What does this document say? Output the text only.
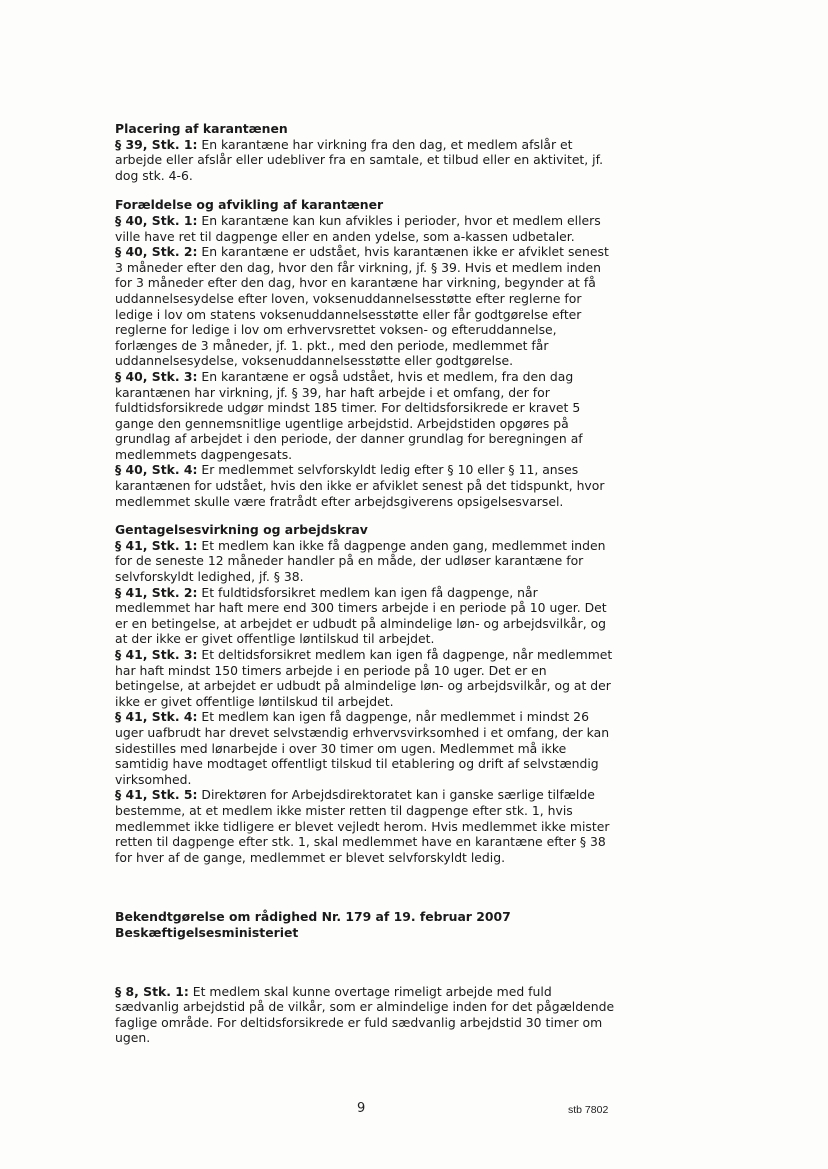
Placering af karantænen

§ 39, Stk. 1: En karantæne har virkning fra den dag, et medlem afslår et arbejde eller afslår eller udebliver fra en samtale, et tilbud eller en aktivitet, jf. dog stk. 4-6.

Forældelse og afvikling af karantæner

§ 40, Stk. 1: En karantæne kan kun afvikles i perioder, hvor et medlem ellers ville have ret til dagpenge eller en anden ydelse, som a-kassen udbetaler.

§ 40, Stk. 2: En karantæne er udstået, hvis karantænen ikke er afviklet senest 3 måneder efter den dag, hvor den får virkning, jf. § 39. Hvis et medlem inden for 3 måneder efter den dag, hvor en karantæne har virkning, begynder at få uddannelsesydelse efter loven, voksenuddannelsesstøtte efter reglerne for ledige i lov om statens voksenuddannelsesstøtte eller får godtgørelse efter reglerne for ledige i lov om erhvervsrettet voksen- og efteruddannelse, forlænges de 3 måneder, jf. 1. pkt., med den periode, medlemmet får uddannelsesydelse, voksenuddannelsesstøtte eller godtgørelse.

§ 40, Stk. 3: En karantæne er også udstået, hvis et medlem, fra den dag karantænen har virkning, jf. § 39, har haft arbejde i et omfang, der for fuldtidsforsikrede udgør mindst 185 timer. For deltidsforsikrede er kravet 5 gange den gennemsnitlige ugentlige arbejdstid. Arbejdstiden opgøres på grundlag af arbejdet i den periode, der danner grundlag for beregningen af medlemmets dagpengesats.

§ 40, Stk. 4: Er medlemmet selvforskyldt ledig efter § 10 eller § 11, anses karantænen for udstået, hvis den ikke er afviklet senest på det tidspunkt, hvor medlemmet skulle være fratrådt efter arbejdsgiverens opsigelsesvarsel.

Gentagelsesvirkning og arbejdskrav

§ 41, Stk. 1: Et medlem kan ikke få dagpenge anden gang, medlemmet inden for de seneste 12 måneder handler på en måde, der udløser karantæne for selvforskyldt ledighed, jf. § 38.

§ 41, Stk. 2: Et fuldtidsforsikret medlem kan igen få dagpenge, når medlemmet har haft mere end 300 timers arbejde i en periode på 10 uger. Det er en betingelse, at arbejdet er udbudt på almindelige løn- og arbejdsvilkår, og at der ikke er givet offentlige løntilskud til arbejdet.

§ 41, Stk. 3: Et deltidsforsikret medlem kan igen få dagpenge, når medlemmet har haft mindst 150 timers arbejde i en periode på 10 uger. Det er en betingelse, at arbejdet er udbudt på almindelige løn- og arbejdsvilkår, og at der ikke er givet offentlige løntilskud til arbejdet.

§ 41, Stk. 4: Et medlem kan igen få dagpenge, når medlemmet i mindst 26 uger uafbrudt har drevet selvstændig erhvervsvirksomhed i et omfang, der kan sidestilles med lønarbejde i over 30 timer om ugen. Medlemmet må ikke samtidig have modtaget offentligt tilskud til etablering og drift af selvstændig virksomhed.

§ 41, Stk. 5: Direktøren for Arbejdsdirektoratet kan i ganske særlige tilfælde bestemme, at et medlem ikke mister retten til dagpenge efter stk. 1, hvis medlemmet ikke tidligere er blevet vejledt herom. Hvis medlemmet ikke mister retten til dagpenge efter stk. 1, skal medlemmet have en karantæne efter § 38 for hver af de gange, medlemmet er blevet selvforskyldt ledig.

Bekendtgørelse om rådighed Nr. 179 af 19. februar 2007

Beskæftigelsesministeriet

§ 8, Stk. 1: Et medlem skal kunne overtage rimeligt arbejde med fuld sædvanlig arbejdstid på de vilkår, som er almindelige inden for det pågældende faglige område. For deltidsforsikrede er fuld sædvanlig arbejdstid 30 timer om ugen.

9	stb 7802
